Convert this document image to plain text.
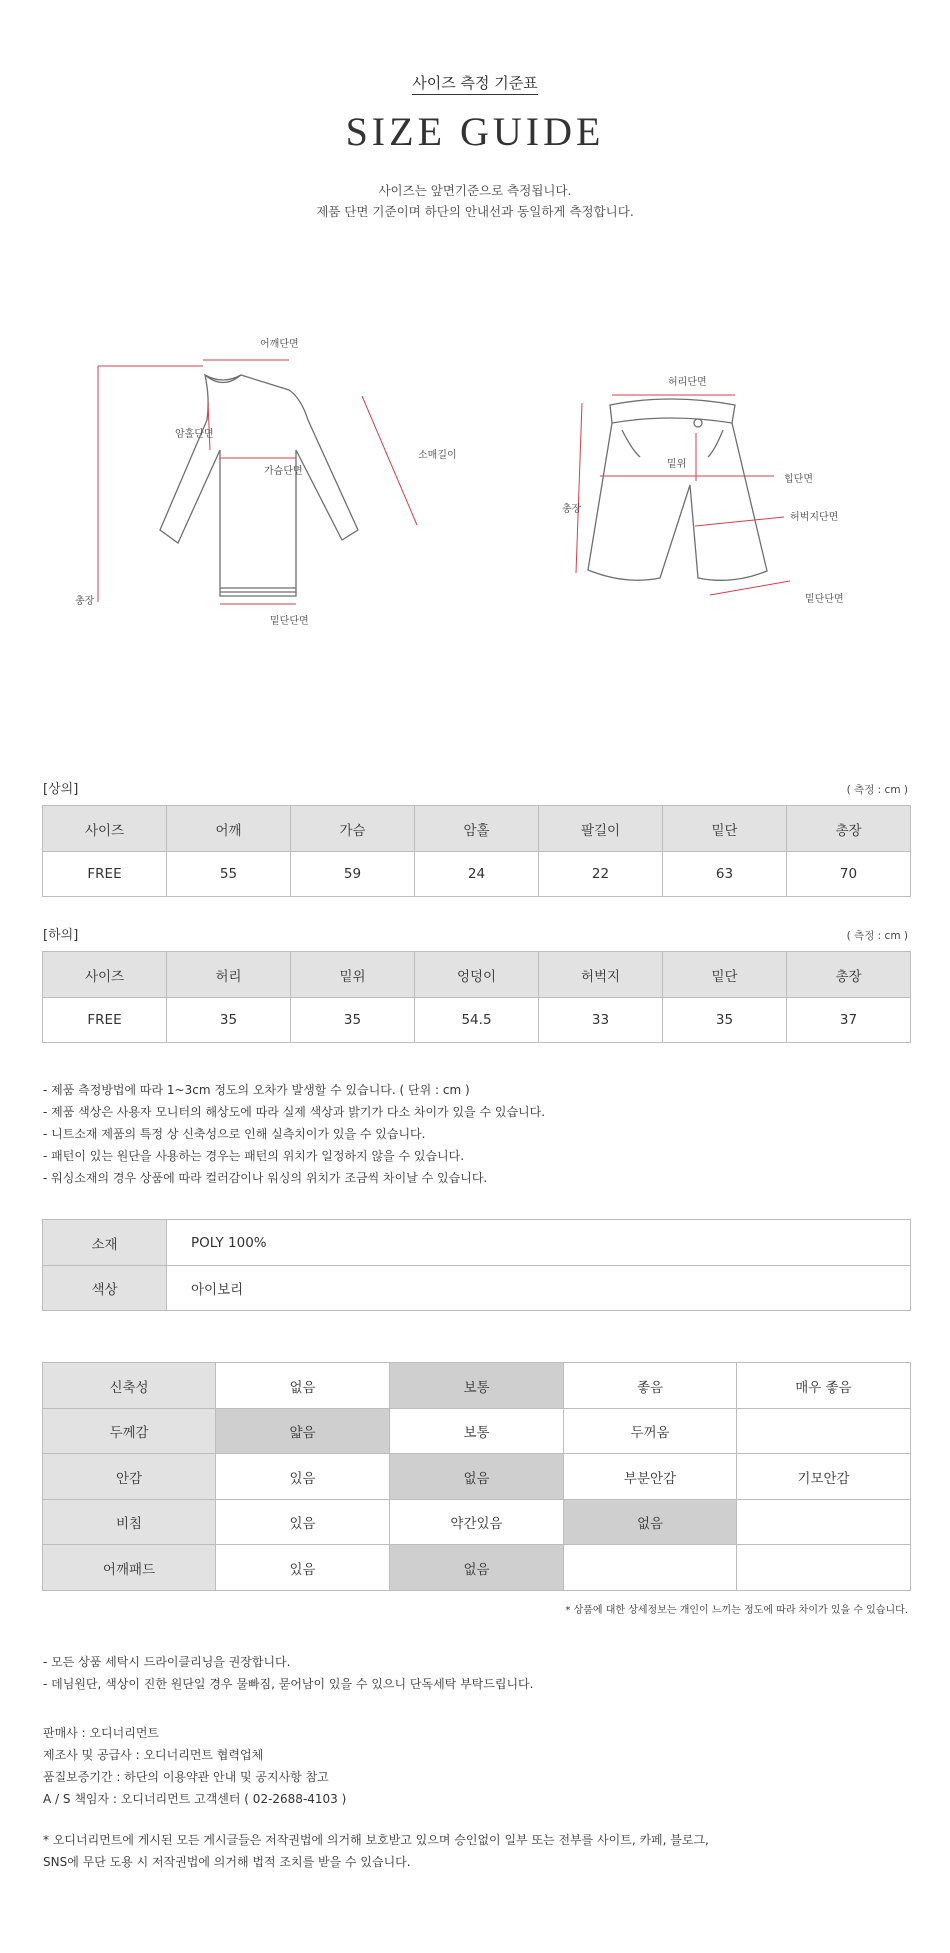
사이즈 측정 기준표
SIZE GUIDE
사이즈는 앞면기준으로 측정됩니다.
제품 단면 기준이며 하단의 안내선과 동일하게 측정합니다.
어깨단면
암홀단면
가슴단면
소매길이
총장
밑단단면
허리단면
밑위
힙단면
허벅지단면
총장
밑단단면
[상의]	( 측정 : cm )
사이즈	어깨	가슴	암홀	팔길이	밑단	총장
FREE	55	59	24	22	63	70
[하의]	( 측정 : cm )
사이즈	허리	밑위	엉덩이	허벅지	밑단	총장
FREE	35	35	54.5	33	35	37
- 제품 측정방법에 따라 1~3cm 정도의 오차가 발생할 수 있습니다. ( 단위 : cm )
- 제품 색상은 사용자 모니터의 해상도에 따라 실제 색상과 밝기가 다소 차이가 있을 수 있습니다.
- 니트소재 제품의 특정 상 신축성으로 인해 실측치이가 있을 수 있습니다.
- 패턴이 있는 원단을 사용하는 경우는 패턴의 위치가 일정하지 않을 수 있습니다.
- 워싱소재의 경우 상품에 따라 컬러감이나 워싱의 위치가 조금씩 차이날 수 있습니다.
소재	POLY 100%
색상	아이보리
신축성	없음	보통	좋음	매우 좋음
두께감	얇음	보통	두꺼움	
안감	있음	없음	부분안감	기모안감
비침	있음	약간있음	없음	
어깨패드	있음	없음		
* 상품에 대한 상세정보는 개인이 느끼는 정도에 따라 차이가 있을 수 있습니다.
- 모든 상품 세탁시 드라이클리닝을 권장합니다.
- 데님원단, 색상이 진한 원단일 경우 물빠짐, 묻어남이 있을 수 있으니 단독세탁 부탁드립니다.
판매사 : 오디너리먼트
제조사 및 공급사 : 오디너리먼트 협력업체
품질보증기간 : 하단의 이용약관 안내 및 공지사항 참고
A / S 책임자 : 오디너리먼트 고객센터 ( 02-2688-4103 )
* 오디너리먼트에 게시된 모든 게시글들은 저작권법에 의거해 보호받고 있으며 승인없이 일부 또는 전부를 사이트, 카페, 블로그,
SNS에 무단 도용 시 저작권법에 의거해 법적 조치를 받을 수 있습니다.
